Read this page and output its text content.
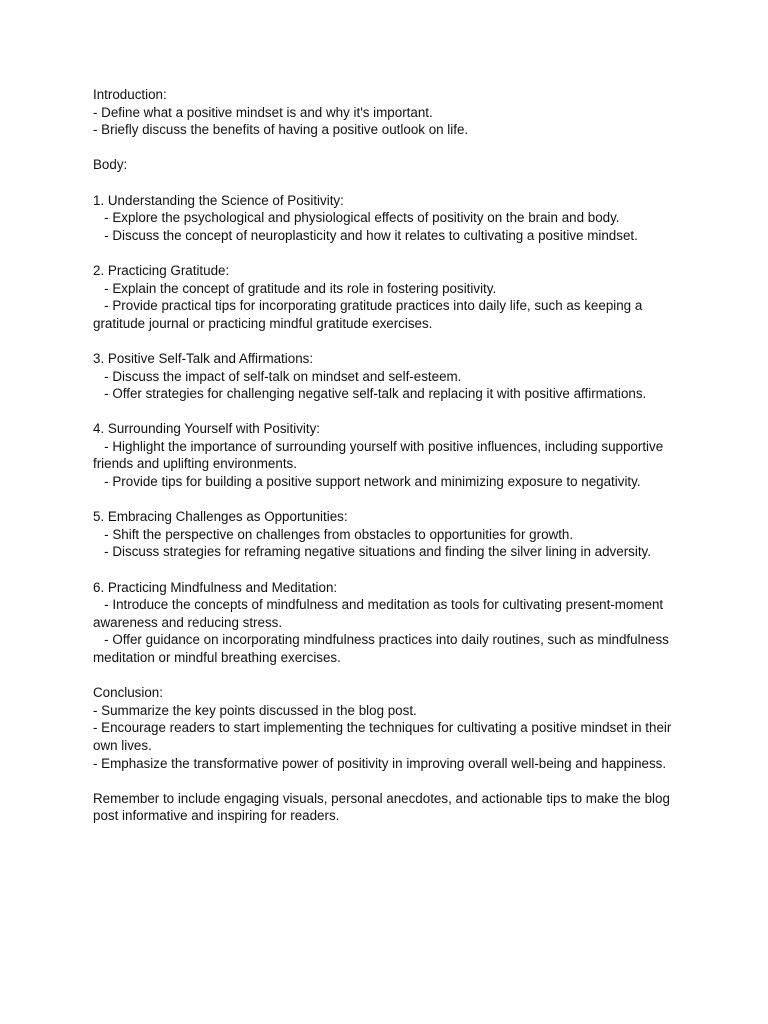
Introduction:

- Define what a positive mindset is and why it's important.

- Briefly discuss the benefits of having a positive outlook on life.

Body:

1. Understanding the Science of Positivity:

- Explore the psychological and physiological effects of positivity on the brain and body.

- Discuss the concept of neuroplasticity and how it relates to cultivating a positive mindset.

2. Practicing Gratitude:

- Explain the concept of gratitude and its role in fostering positivity.

- Provide practical tips for incorporating gratitude practices into daily life, such as keeping a gratitude journal or practicing mindful gratitude exercises.

3. Positive Self-Talk and Affirmations:

- Discuss the impact of self-talk on mindset and self-esteem.

- Offer strategies for challenging negative self-talk and replacing it with positive affirmations.

4. Surrounding Yourself with Positivity:

- Highlight the importance of surrounding yourself with positive influences, including supportive friends and uplifting environments.

- Provide tips for building a positive support network and minimizing exposure to negativity.

5. Embracing Challenges as Opportunities:

- Shift the perspective on challenges from obstacles to opportunities for growth.

- Discuss strategies for reframing negative situations and finding the silver lining in adversity.

6. Practicing Mindfulness and Meditation:

- Introduce the concepts of mindfulness and meditation as tools for cultivating present-moment awareness and reducing stress.

- Offer guidance on incorporating mindfulness practices into daily routines, such as mindfulness meditation or mindful breathing exercises.

Conclusion:

- Summarize the key points discussed in the blog post.

- Encourage readers to start implementing the techniques for cultivating a positive mindset in their own lives.

- Emphasize the transformative power of positivity in improving overall well-being and happiness.

Remember to include engaging visuals, personal anecdotes, and actionable tips to make the blog post informative and inspiring for readers.
